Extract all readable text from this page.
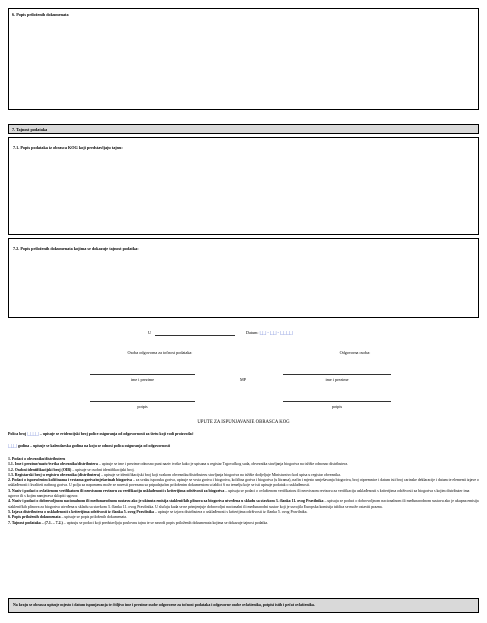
6. Popis priloženih dokumenata
7. Tajnost podataka
7.1. Popis podataka iz obrasca KOG koji predstavljaju tajnu:
7.2. Popis priloženih dokumenata kojima se dokazuje tajnost podatka:
U	Datum: |_|_| - |_|_| - |_|_|_|_|
Osoba odgovorna za točnost podataka:	Odgovorna osoba:
ime i prezime	MP	ime i prezime
potpis	potpis
UPUTE ZA ISPUNJAVANJE OBRASCA KOG
Polica broj |_|_|_|_| – upisuje se evidencijski broj police osiguranja od odgovornosti za štetu koji vodi proizvođač
|_|_|_| godina – upisuje se kalendarska godina na koju se odnosi polica osiguranja od odgovornosti
1. Podaci o obvezniku/distributeru
1.1. Ime i prezime/naziv/tvrtka obveznika/distributera – upisuje se ime i prezime odnosno puni naziv tvrtke kako je upisana u registar Trgovačkog suda, obveznika stavljanja biogoriva na tržište odnosno distributera.
1.2. Osobni identifikacijski broj (OIB) – upisuje se osobni identifikacijski broj.
1.3. Registarski broj u registru obveznika (distributera) – upisuje se identifikacijski broj koji svakom obvezniku/distributeru stavljanja biogoriva na tržište dodjeljuje Ministarstvo kod upisa u registar obveznika.
2. Podaci o isporučenim količinama i vrstama goriva/mješavinah biogoriva – za svaku isporuku goriva, upisuje se vrsta goriva i biogoriva, količina goriva i biogoriva (u litrama), način i mjesto umješavanja biogoriva, broj otpremnice i datum isti broj carinske deklaracije i datum te elementi izjave o usklađenosti i kvaliteti naftnog goriva. U polju za napomenu može se navesti povezana sa pripadajućim priloženim dokumentom u tablici 6 na temelju koje se isti upisuje podatak o usklađenosti.
3. Naziv i podaci o ovlaštenom verifikatoru ili neovisnom revizoru za verifikaciju usklađenosti s kriterijima održivosti za biogoriva – upisuju se podaci o ovlaštenom verifikatoru ili neovisnom revizoru za verifikaciju usklađenosti s kriterijima održivosti za biogoriva s kojim distributer ima ugovor ili s kojim namjerava sklopiti ugovor.
4. Naziv i podaci o dobrovoljnom nacionalnom ili međunarodnom sustavu ako je ukinuta emisija stakleničkih plinova za biogoriva utvrđena u skladu sa stavkom 3. članka 11. ovog Pravilnika – upisuju se podaci o dobrovoljnom nacionalnom ili međunarodnom sustavu ako je ukupna emisija stakleničkih plinova za biogoriva utvrđena u skladu sa stavkom 3. članka 11. ovog Pravilnika. U slučaju kada se ne primjenjuje dobrovoljni nacionalni ili međunarodni sustav koji je usvojila Europska komisija tablica se može ostaviti prazna.
5. Izjava distributera o usklađenosti s kriterijima održivosti iz članka 5. ovog Pravilnika – upisuje se izjava distributera o usklađenosti s kriterijima održivosti iz članka 5. ovog Pravilnika.
6. Popis priloženih dokumenata – upisuje se popis priloženih dokumenata.
7. Tajnost podataka – (7.1. – 7.2.) – upisuju se podaci koji predstavljaju poslovnu tajnu te se navodi popis priloženih dokumenata kojima se dokazuje tajnost podatka.
Na kraju se obrasca upisuje mjesto i datum ispunjavanja te čitljivo ime i prezime osobe odgovorne za točnost podataka i odgovorne osobe ovlaštenika, potpisi istih i pečat ovlaštenika.
